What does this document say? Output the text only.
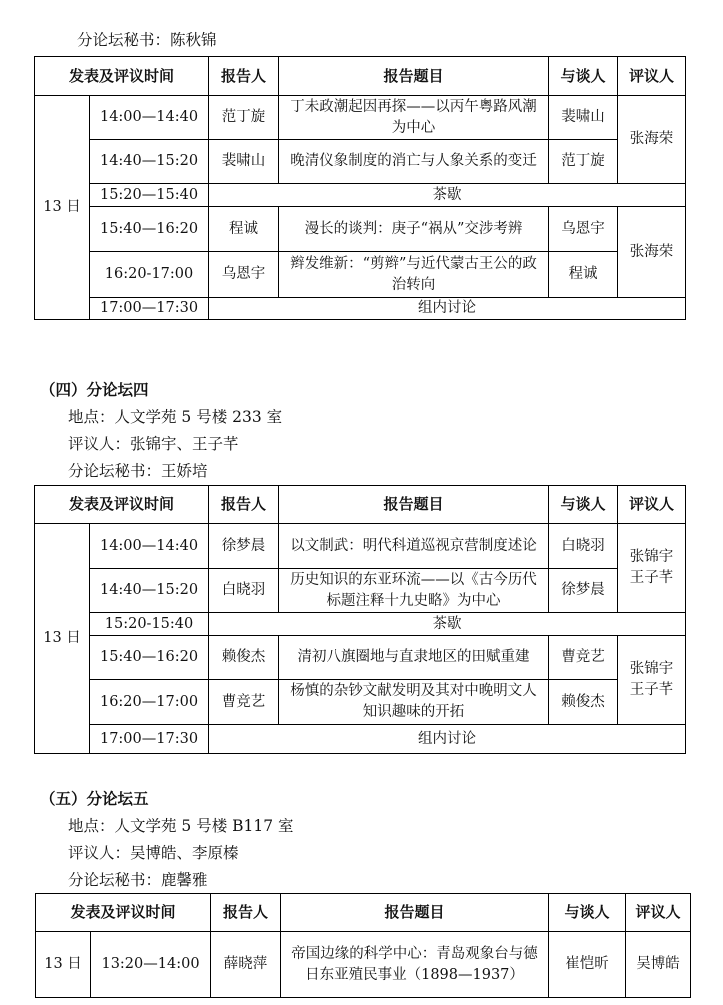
分论坛秘书：陈秋锦
（四）分论坛四
地点：人文学苑 5 号楼 233 室
评议人：张锦宇、王子芊
分论坛秘书：王娇培
（五）分论坛五
地点：人文学苑 5 号楼 B117 室
评议人：吴博皓、李原榛
分论坛秘书：鹿馨雅
发表及评议时间		报告人	报告题目	与谈人	评议人
13 日	14:00—14:40	范丁旋	丁未政潮起因再探——以丙午粤路风潮为中心	裴啸山	张海荣
	14:40—15:20	裴啸山	晚清仪象制度的消亡与人象关系的变迁	范丁旋	
	15:20—15:40	茶歇			
	15:40—16:20	程诚	漫长的谈判：庚子“祸从”交涉考辨	乌恩宇	张海荣
	16:20-17:00	乌恩宇	辫发维新：“剪辫”与近代蒙古王公的政治转向	程诚	
	17:00—17:30	组内讨论			
发表及评议时间		报告人	报告题目	与谈人	评议人
13 日	14:00—14:40	徐梦晨	以文制武：明代科道巡视京营制度述论	白晓羽	张锦宇 王子芊
	14:40—15:20	白晓羽	历史知识的东亚环流——以《古今历代标题注释十九史略》为中心	徐梦晨	
	15:20-15:40	茶歇			
	15:40—16:20	赖俊杰	清初八旗圈地与直隶地区的田赋重建	曹竞艺	张锦宇 王子芊
	16:20—17:00	曹竞艺	杨慎的杂钞文献发明及其对中晚明文人知识趣味的开拓	赖俊杰	
	17:00—17:30	组内讨论			
发表及评议时间		报告人	报告题目	与谈人	评议人
13 日	13:20—14:00	薛晓萍	帝国边缘的科学中心：青岛观象台与德日东亚殖民事业（1898—1937）	崔恺昕	吴博皓
